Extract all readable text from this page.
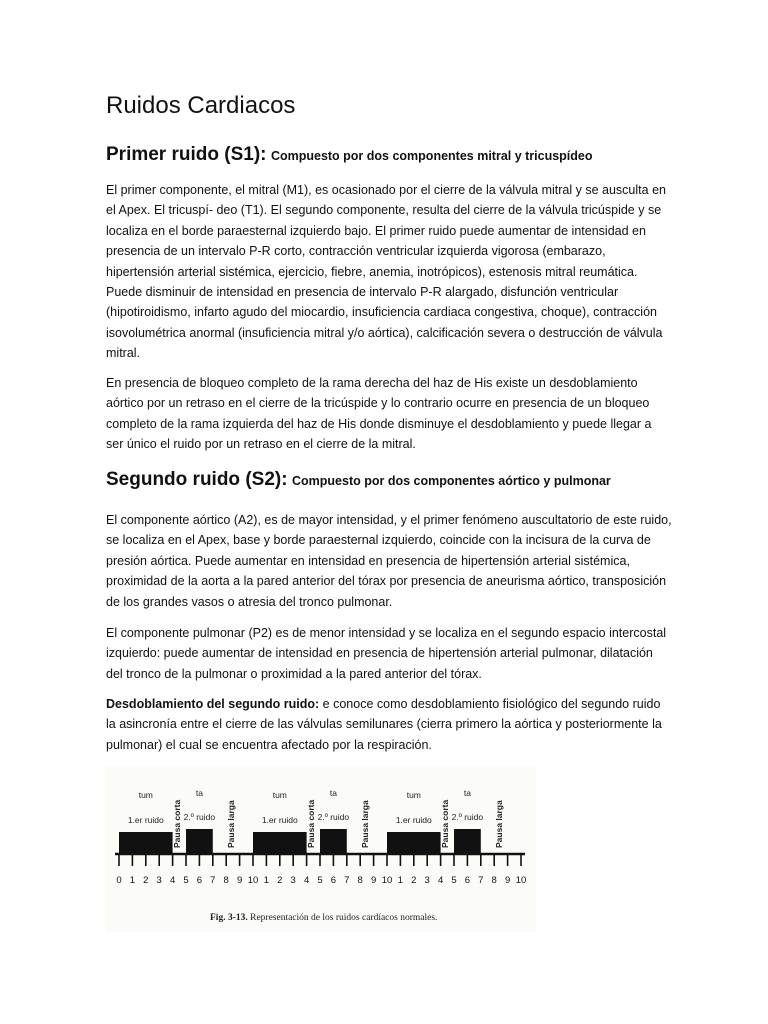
Ruidos Cardiacos
Primer ruido (S1): Compuesto por dos componentes mitral y tricuspídeo

El primer componente, el mitral (M1), es ocasionado por el cierre de la válvula mitral y se ausculta en el Apex. El tricuspí- deo (T1). El segundo componente, resulta del cierre de la válvula tricúspide y se localiza en el borde paraesternal izquierdo bajo. El primer ruido puede aumentar de intensidad en presencia de un intervalo P-R corto, contracción ventricular izquierda vigorosa (embarazo, hipertensión arterial sistémica, ejercicio, fiebre, anemia, inotrópicos), estenosis mitral reumática. Puede disminuir de intensidad en presencia de intervalo P-R alargado, disfunción ventricular (hipotiroidismo, infarto agudo del miocardio, insuficiencia cardiaca congestiva, choque), contracción isovolumétrica anormal (insuficiencia mitral y/o aórtica), calcificación severa o destrucción de válvula mitral.

En presencia de bloqueo completo de la rama derecha del haz de His existe un desdoblamiento aórtico por un retraso en el cierre de la tricúspide y lo contrario ocurre en presencia de un bloqueo completo de la rama izquierda del haz de His donde disminuye el desdoblamiento y puede llegar a ser único el ruido por un retraso en el cierre de la mitral.

Segundo ruido (S2): Compuesto por dos componentes aórtico y pulmonar

El componente aórtico (A2), es de mayor intensidad, y el primer fenómeno auscultatorio de este ruido, se localiza en el Apex, base y borde paraesternal izquierdo, coincide con la incisura de la curva de presión aórtica. Puede aumentar en intensidad en presencia de hipertensión arterial sistémica, proximidad de la aorta a la pared anterior del tórax por presencia de aneurisma aórtico, transposición de los grandes vasos o atresia del tronco pulmonar.

El componente pulmonar (P2) es de menor intensidad y se localiza en el segundo espacio intercostal izquierdo: puede aumentar de intensidad en presencia de hipertensión arterial pulmonar, dilatación del tronco de la pulmonar o proximidad a la pared anterior del tórax.

Desdoblamiento del segundo ruido: e conoce como desdoblamiento fisiológico del segundo ruido la asincronía entre el cierre de las válvulas semilunares (cierra primero la aórtica y posteriormente la pulmonar) el cual se encuentra afectado por la respiración.

0 1 2 3 4 5 6 7 8 9 10
tum
1.er ruido
ta
2.º ruido
Pausa corta	Pausa larga
1 2 3 4 5 6 7 8 9 10
tum
1.er ruido
ta
2.º ruido
Pausa corta	Pausa larga
1 2 3 4 5 6 7 8 9 10
tum
1.er ruido
ta
2.º ruido
Pausa corta	Pausa larga
Fig. 3-13. Representación de los ruidos cardíacos normales.
